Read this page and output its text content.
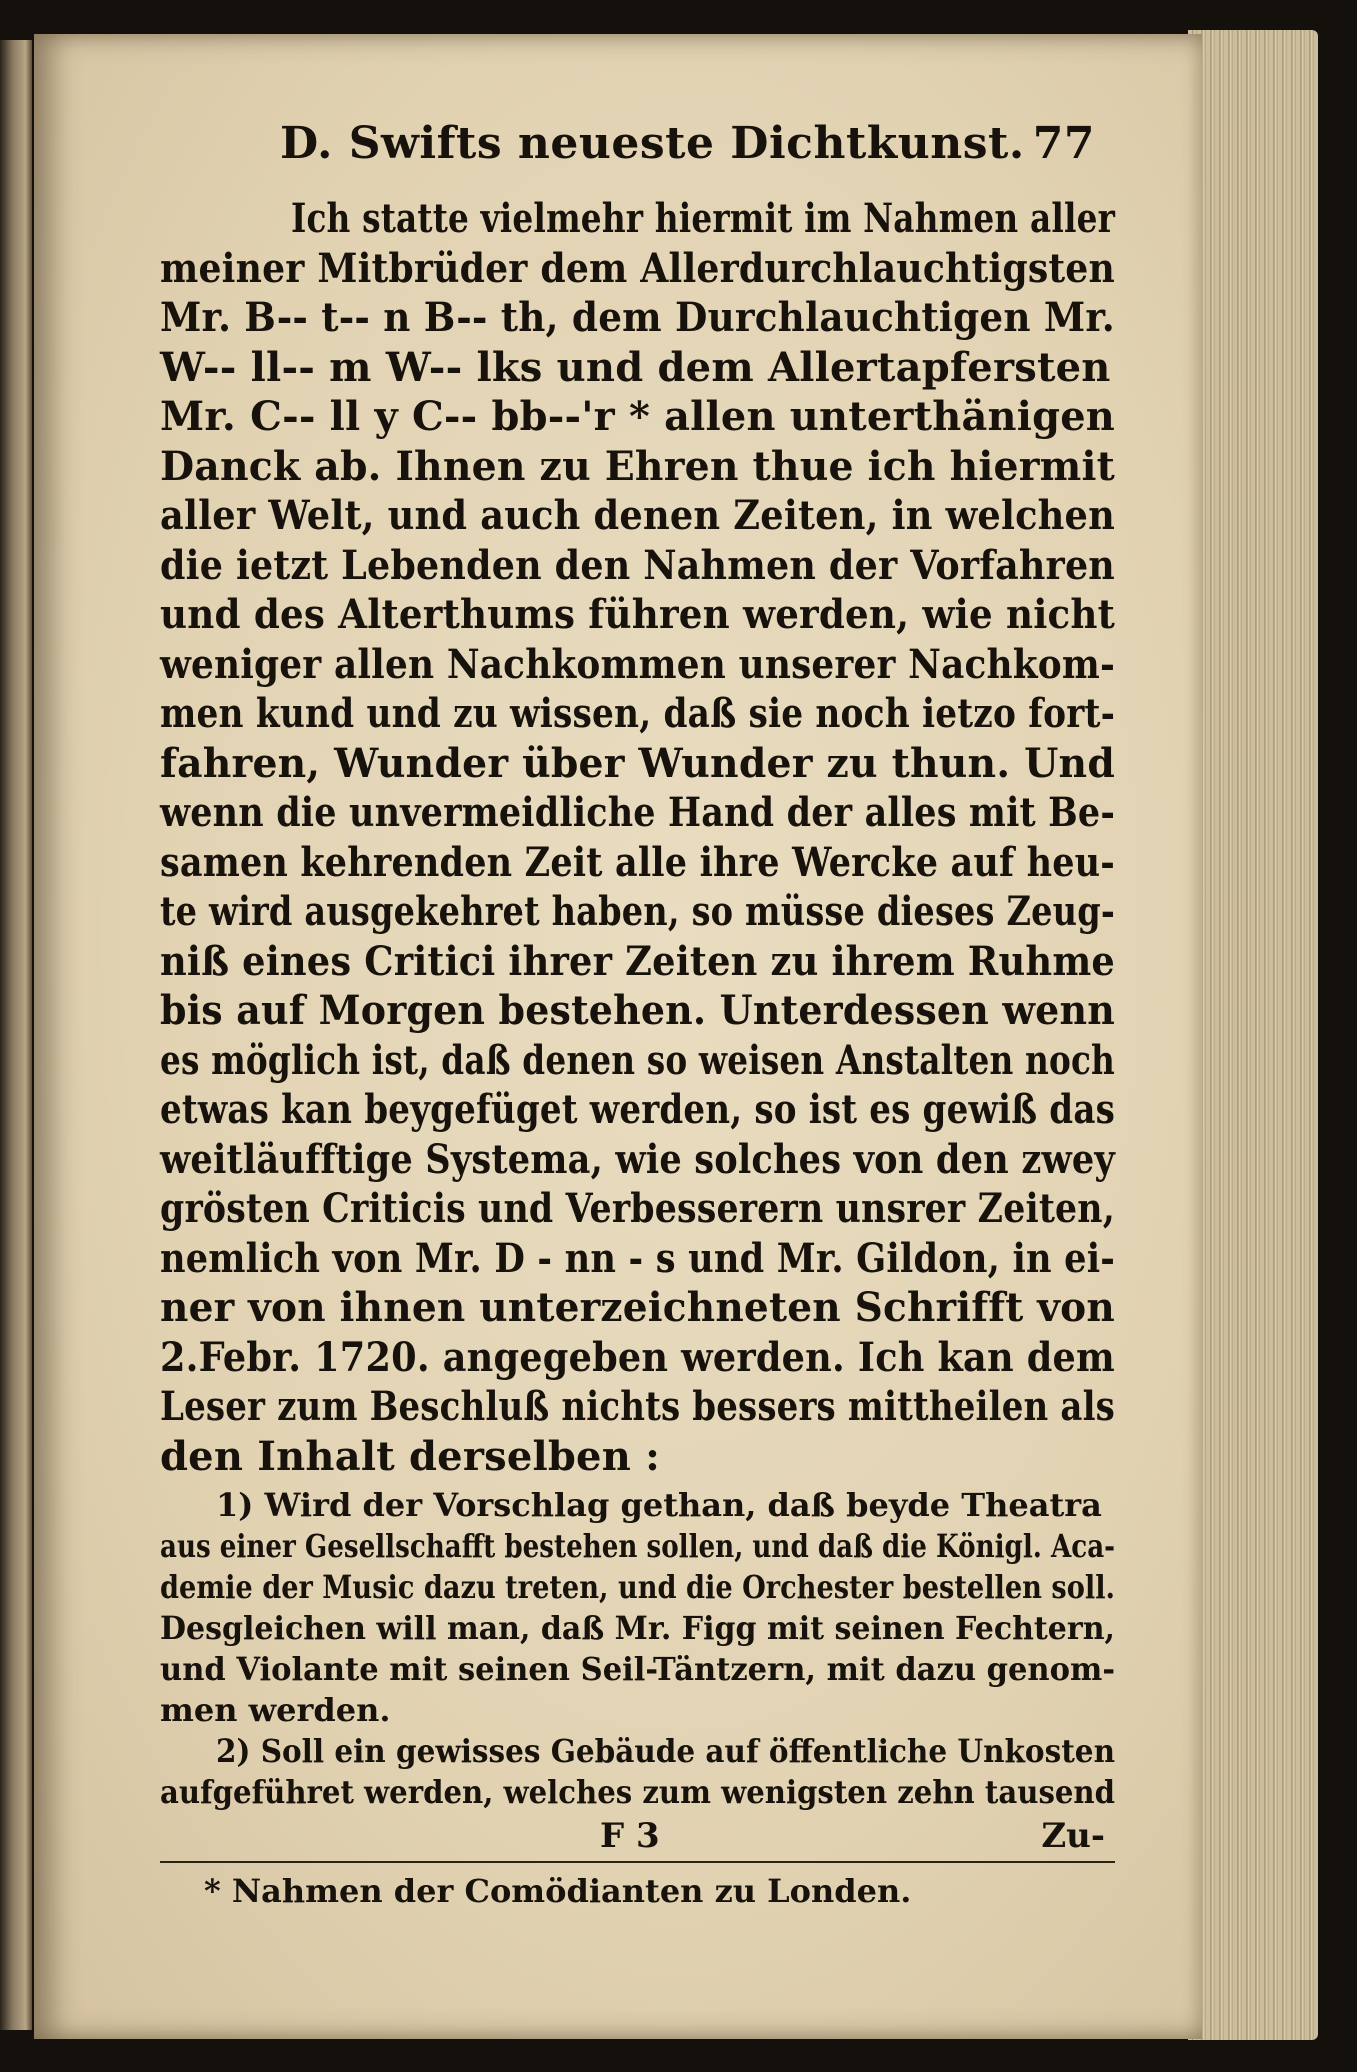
D. Swifts neueste Dichtkunst. 77
Ich statte vielmehr hiermit im Nahmen aller
meiner Mitbrüder dem Allerdurchlauchtigsten
Mr. B-- t-- n B-- th, dem Durchlauchtigen Mr.
W-- ll-- m W-- lks und dem Allertapfersten
Mr. C-- ll y C-- bb--'r * allen unterthänigen
Danck ab. Ihnen zu Ehren thue ich hiermit
aller Welt, und auch denen Zeiten, in welchen
die ietzt Lebenden den Nahmen der Vorfahren
und des Alterthums führen werden, wie nicht
weniger allen Nachkommen unserer Nachkom-
men kund und zu wissen, daß sie noch ietzo fort-
fahren, Wunder über Wunder zu thun. Und
wenn die unvermeidliche Hand der alles mit Be-
samen kehrenden Zeit alle ihre Wercke auf heu-
te wird ausgekehret haben, so müsse dieses Zeug-
niß eines Critici ihrer Zeiten zu ihrem Ruhme
bis auf Morgen bestehen. Unterdessen wenn
es möglich ist, daß denen so weisen Anstalten noch
etwas kan beygefüget werden, so ist es gewiß das
weitläufftige Systema, wie solches von den zwey
grösten Criticis und Verbesserern unsrer Zeiten,
nemlich von Mr. D - nn - s und Mr. Gildon, in ei-
ner von ihnen unterzeichneten Schrifft von
2.Febr. 1720. angegeben werden. Ich kan dem
Leser zum Beschluß nichts bessers mittheilen als
den Inhalt derselben :
1) Wird der Vorschlag gethan, daß beyde Theatra
aus einer Gesellschafft bestehen sollen, und daß die Königl. Aca-
demie der Music dazu treten, und die Orchester bestellen soll.
Desgleichen will man, daß Mr. Figg mit seinen Fechtern,
und Violante mit seinen Seil-Täntzern, mit dazu genom-
men werden.
2) Soll ein gewisses Gebäude auf öffentliche Unkosten
aufgeführet werden, welches zum wenigsten zehn tausend
F 3	Zu-
* Nahmen der Comödianten zu Londen.
